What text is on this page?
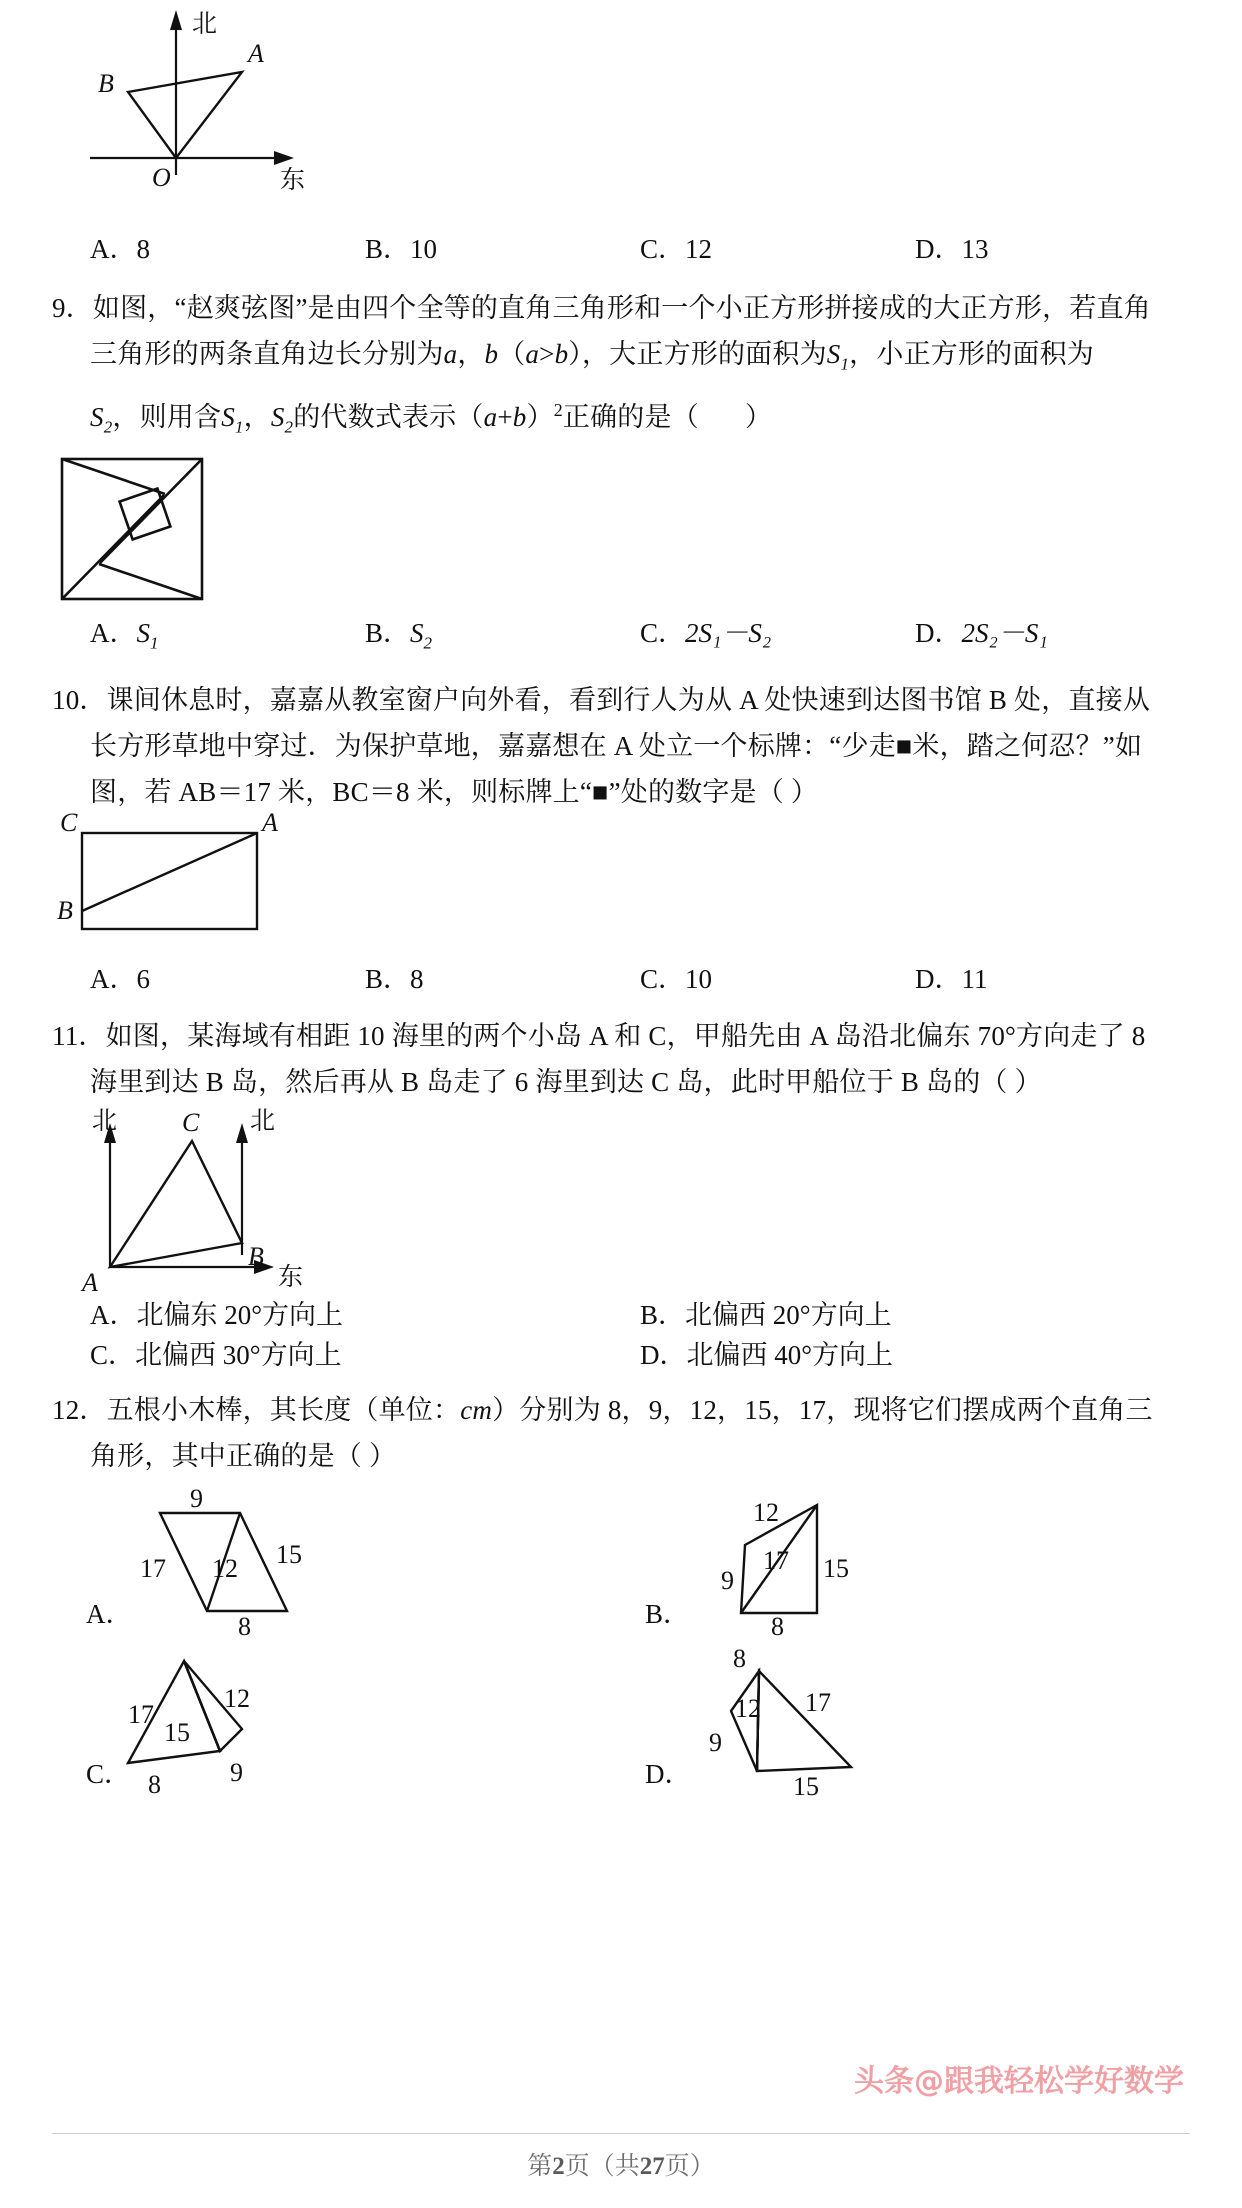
北
东
O
A
B
A．8	B．10	C．12	D．13
9．如图，“赵爽弦图”是由四个全等的直角三角形和一个小正方形拼接成的大正方形，若直角
三角形的两条直角边长分别为a，b（a>b），大正方形的面积为$S_1$，小正方形的面积为
$S_2$，则用含$S_1$，$S_2$的代数式表示$(a+b)^2$正确的是（ ）
A．$S_1$	B．$S_2$	C．2S₁－S₂	D．2S₂－S₁
10．课间休息时，嘉嘉从教室窗户向外看，看到行人为从 A 处快速到达图书馆 B 处，直接从
长方形草地中穿过．为保护草地，嘉嘉想在 A 处立一个标牌：“少走■米，踏之何忍？”如
图，若 AB＝17 米，BC＝8 米，则标牌上“■”处的数字是（ ）
C	A
B
A．6	B．8	C．10	D．11
11．如图，某海域有相距 10 海里的两个小岛 A 和 C，甲船先由 A 岛沿北偏东 70°方向走了 8
海里到达 B 岛，然后再从 B 岛走了 6 海里到达 C 岛，此时甲船位于 B 岛的（ ）
北	北
东
A
B
C
A．北偏东 20°方向上	B．北偏西 20°方向上
C．北偏西 30°方向上	D．北偏西 40°方向上
12．五根小木棒，其长度（单位：cm）分别为 8，9，12，15，17，现将它们摆成两个直角三
角形，其中正确的是（ ）
A．
9
17 12 15
8	B．
12
17
9	15
8
C．
17
12
15
8	9	D．
8
12 17
9
15
头条@跟我轻松学好数学
第2页（共27页）
